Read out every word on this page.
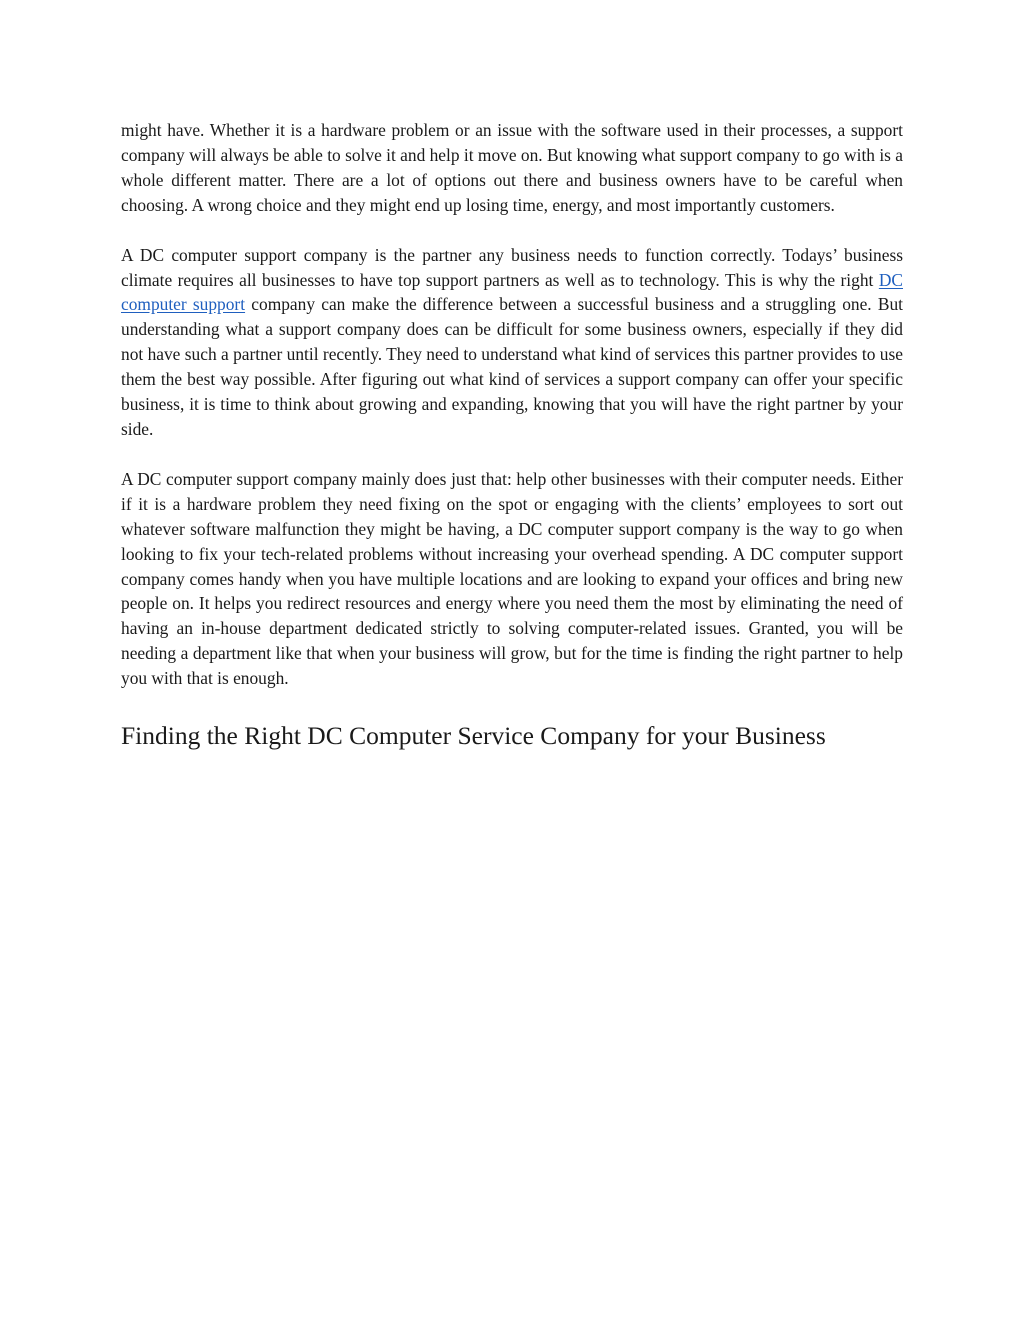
might have. Whether it is a hardware problem or an issue with the software used in their processes, a support company will always be able to solve it and help it move on. But knowing what support company to go with is a whole different matter. There are a lot of options out there and business owners have to be careful when choosing. A wrong choice and they might end up losing time, energy, and most importantly customers.

A DC computer support company is the partner any business needs to function correctly. Todays’ business climate requires all businesses to have top support partners as well as to technology. This is why the right DC computer support company can make the difference between a successful business and a struggling one. But understanding what a support company does can be difficult for some business owners, especially if they did not have such a partner until recently. They need to understand what kind of services this partner provides to use them the best way possible. After figuring out what kind of services a support company can offer your specific business, it is time to think about growing and expanding, knowing that you will have the right partner by your side.

A DC computer support company mainly does just that: help other businesses with their computer needs. Either if it is a hardware problem they need fixing on the spot or engaging with the clients’ employees to sort out whatever software malfunction they might be having, a DC computer support company is the way to go when looking to fix your tech-related problems without increasing your overhead spending. A DC computer support company comes handy when you have multiple locations and are looking to expand your offices and bring new people on. It helps you redirect resources and energy where you need them the most by eliminating the need of having an in-house department dedicated strictly to solving computer-related issues. Granted, you will be needing a department like that when your business will grow, but for the time is finding the right partner to help you with that is enough.

Finding the Right DC Computer Service Company for your Business
